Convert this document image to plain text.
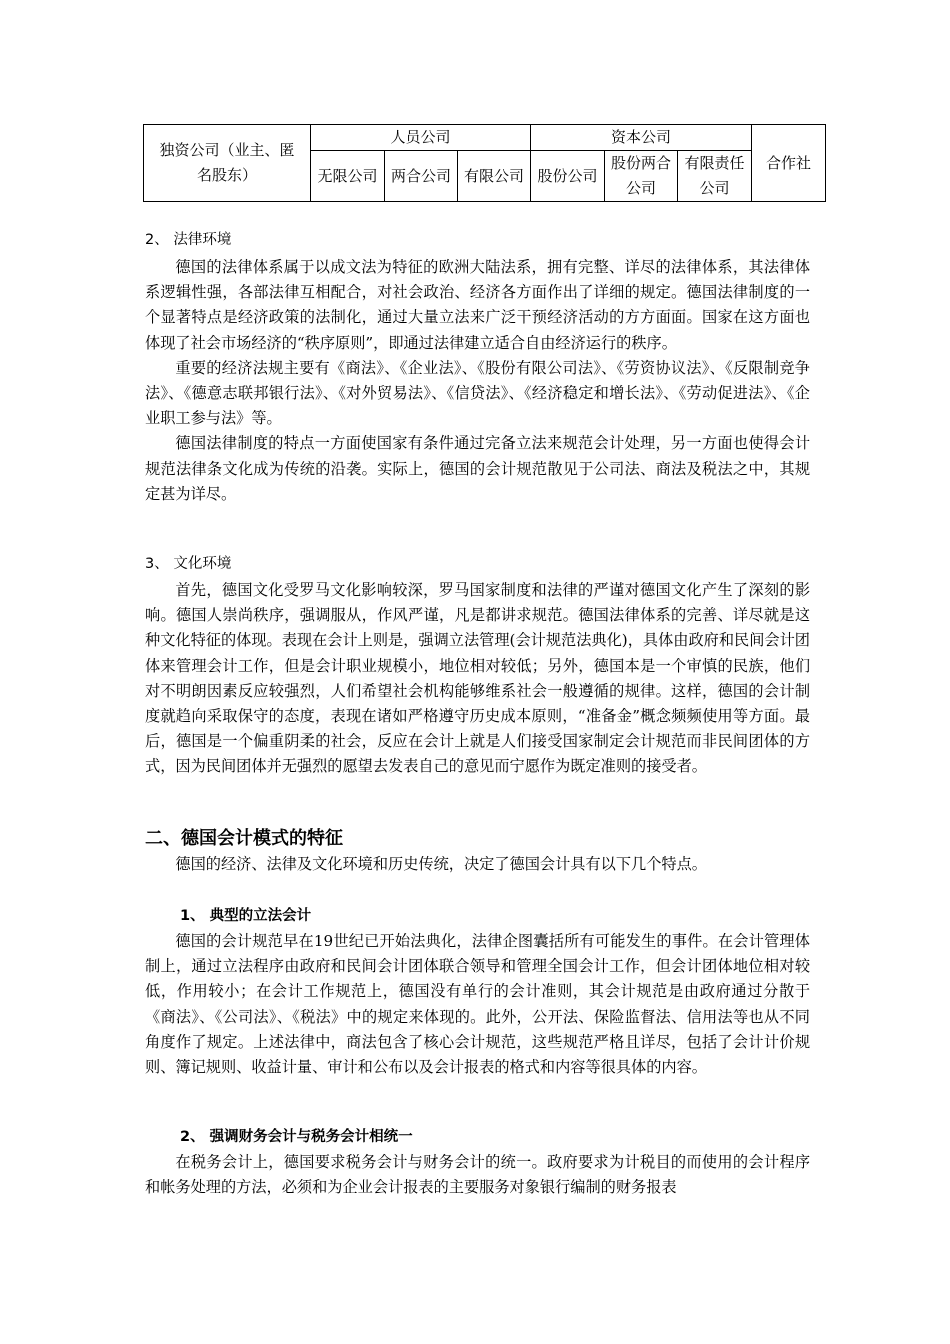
独资公司（业主、匿名股东）	人员公司			资本公司			合作社
	无限公司	两合公司	有限公司	股份公司	股份两合公司	有限责任公司	
2、 法律环境

德国的法律体系属于以成文法为特征的欧洲大陆法系，拥有完整、详尽的法律体系，其法律体系逻辑性强，各部法律互相配合，对社会政治、经济各方面作出了详细的规定。德国法律制度的一个显著特点是经济政策的法制化，通过大量立法来广泛干预经济活动的方方面面。国家在这方面也体现了社会市场经济的“秩序原则”，即通过法律建立适合自由经济运行的秩序。

重要的经济法规主要有《商法》、《企业法》、《股份有限公司法》、《劳资协议法》、《反限制竞争法》、《德意志联邦银行法》、《对外贸易法》、《信贷法》、《经济稳定和增长法》、《劳动促进法》、《企业职工参与法》等。

德国法律制度的特点一方面使国家有条件通过完备立法来规范会计处理，另一方面也使得会计规范法律条文化成为传统的沿袭。实际上，德国的会计规范散见于公司法、商法及税法之中，其规定甚为详尽。

3、 文化环境

首先，德国文化受罗马文化影响较深，罗马国家制度和法律的严谨对德国文化产生了深刻的影响。德国人崇尚秩序，强调服从，作风严谨，凡是都讲求规范。德国法律体系的完善、详尽就是这种文化特征的体现。表现在会计上则是，强调立法管理(会计规范法典化)，具体由政府和民间会计团体来管理会计工作，但是会计职业规模小，地位相对较低；另外，德国本是一个审慎的民族，他们对不明朗因素反应较强烈，人们希望社会机构能够维系社会一般遵循的规律。这样，德国的会计制度就趋向采取保守的态度，表现在诸如严格遵守历史成本原则，“准备金”概念频频使用等方面。最后，德国是一个偏重阴柔的社会，反应在会计上就是人们接受国家制定会计规范而非民间团体的方式，因为民间团体并无强烈的愿望去发表自己的意见而宁愿作为既定准则的接受者。

二、德国会计模式的特征

德国的经济、法律及文化环境和历史传统，决定了德国会计具有以下几个特点。

1、 典型的立法会计

德国的会计规范早在19世纪已开始法典化，法律企图囊括所有可能发生的事件。在会计管理体制上，通过立法程序由政府和民间会计团体联合领导和管理全国会计工作，但会计团体地位相对较低，作用较小；在会计工作规范上，德国没有单行的会计准则，其会计规范是由政府通过分散于《商法》、《公司法》、《税法》中的规定来体现的。此外，公开法、保险监督法、信用法等也从不同角度作了规定。上述法律中，商法包含了核心会计规范，这些规范严格且详尽，包括了会计计价规则、簿记规则、收益计量、审计和公布以及会计报表的格式和内容等很具体的内容。

2、 强调财务会计与税务会计相统一

在税务会计上，德国要求税务会计与财务会计的统一。政府要求为计税目的而使用的会计程序和帐务处理的方法，必须和为企业会计报表的主要服务对象银行编制的财务报表
